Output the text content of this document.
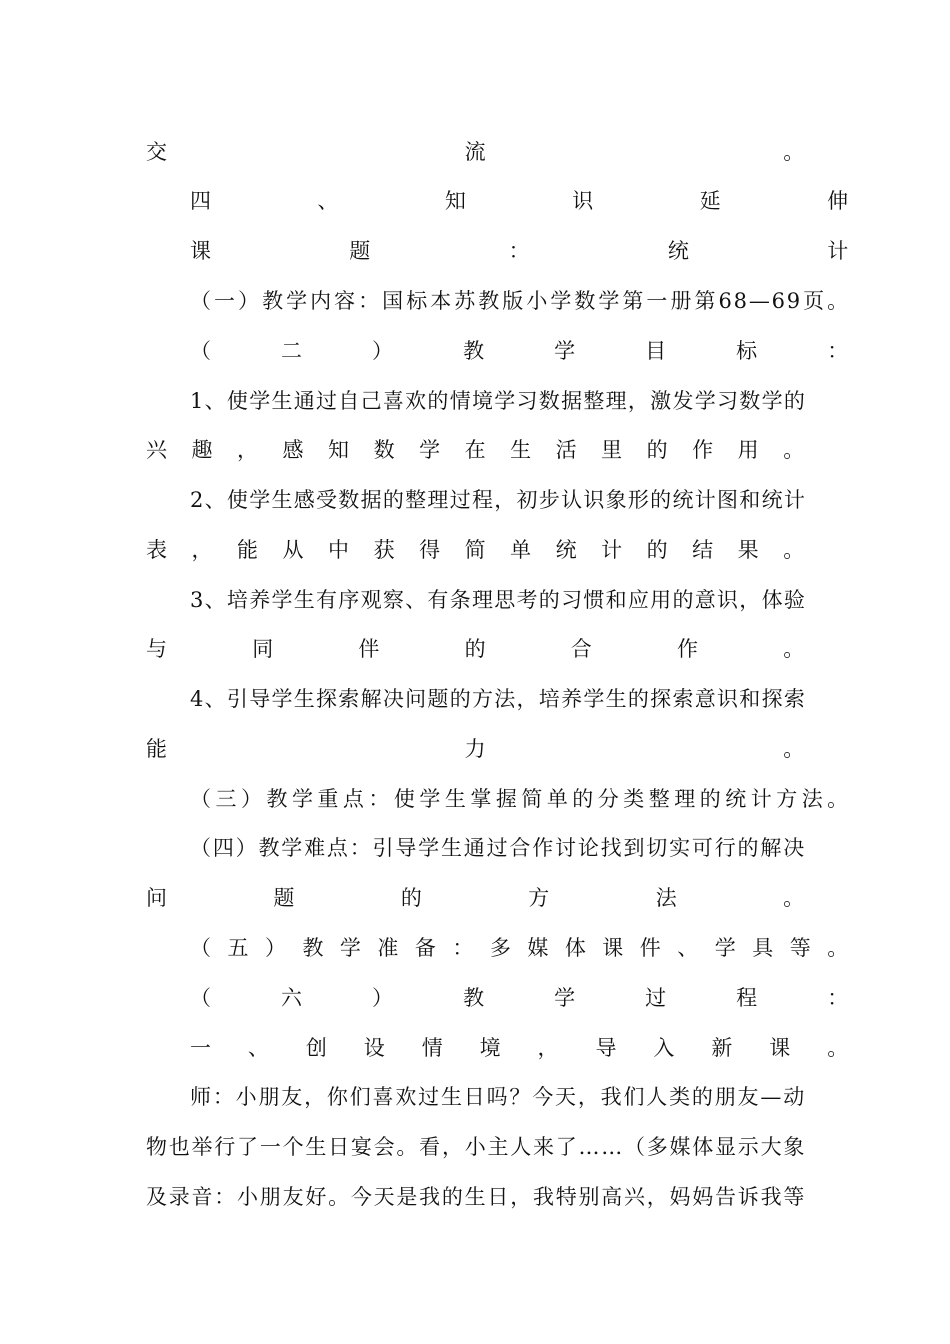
交流。
四、知识延伸
课题：统计
（一）教学内容：国标本苏教版小学数学第一册第68—69页。
（二）教学目标：
1、使学生通过自己喜欢的情境学习数据整理，激发学习数学的
兴趣，感知数学在生活里的作用。
2、使学生感受数据的整理过程，初步认识象形的统计图和统计
表，能从中获得简单统计的结果。
3、培养学生有序观察、有条理思考的习惯和应用的意识，体验
与同伴的合作。
4、引导学生探索解决问题的方法，培养学生的探索意识和探索
能力。
（三）教学重点：使学生掌握简单的分类整理的统计方法。
（四）教学难点：引导学生通过合作讨论找到切实可行的解决
问题的方法。
（五）教学准备：多媒体课件、学具等。
（六）教学过程：
一、创设情境，导入新课。
师：小朋友，你们喜欢过生日吗？今天，我们人类的朋友—动
物也举行了一个生日宴会。看，小主人来了……（多媒体显示大象
及录音：小朋友好。今天是我的生日，我特别高兴，妈妈告诉我等
